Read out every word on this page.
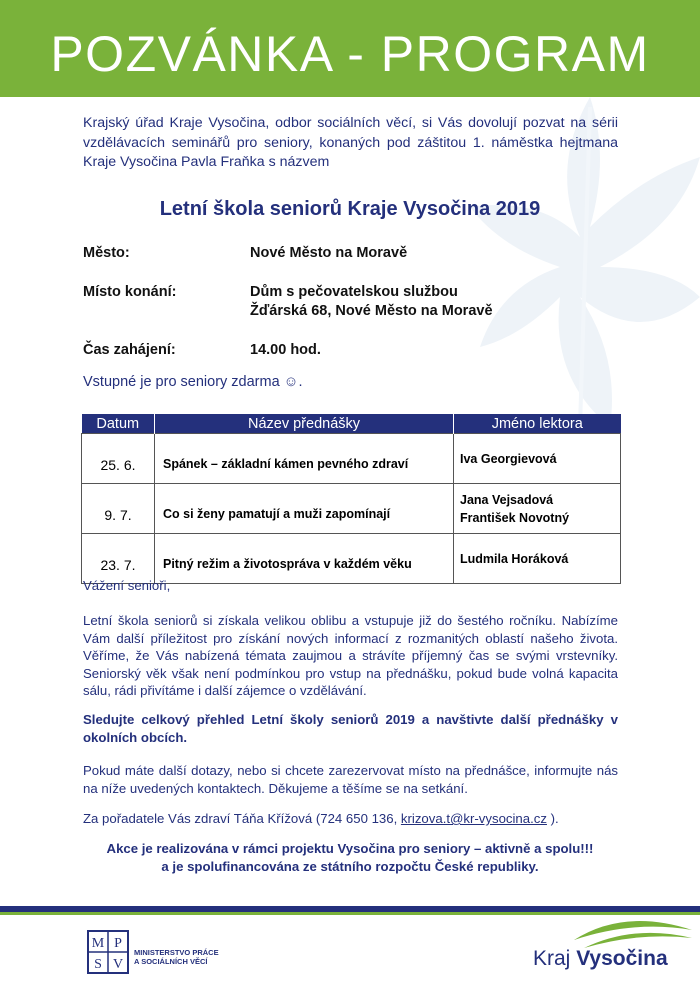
POZVÁNKA - PROGRAM
Krajský úřad Kraje Vysočina, odbor sociálních věcí, si Vás dovolují pozvat na sérii vzdělávacích seminářů pro seniory, konaných pod záštitou 1. náměstka hejtmana Kraje Vysočina Pavla Fraňka s názvem
Letní škola seniorů Kraje Vysočina 2019
Město:	Nové Město na Moravě
Místo konání:	Dům s pečovatelskou službou
Žďárská 68, Nové Město na Moravě
Čas zahájení:	14.00 hod.
Vstupné je pro seniory zdarma ☺.
Datum	Název přednášky	Jméno lektora
25. 6.	Spánek – základní kámen pevného zdraví	Iva Georgievová

9. 7.	Co si ženy pamatují a muži zapomínají	Jana Vejsadová
František Novotný

23. 7.	Pitný režim a životospráva v každém věku	Ludmila Horáková

Vážení senioři,

Letní škola seniorů si získala velikou oblibu a vstupuje již do šestého ročníku. Nabízíme Vám další příležitost pro získání nových informací z rozmanitých oblastí našeho života. Věříme, že Vás nabízená témata zaujmou a strávíte příjemný čas se svými vrstevníky. Seniorský věk však není podmínkou pro vstup na přednášku, pokud bude volná kapacita sálu, rádi přivítáme i další zájemce o vzdělávání.

Sledujte celkový přehled Letní školy seniorů 2019 a navštivte další přednášky v okolních obcích.

Pokud máte další dotazy, nebo si chcete zarezervovat místo na přednášce, informujte nás na níže uvedených kontaktech. Děkujeme a těšíme se na setkání.

Za pořadatele Vás zdraví Táňa Křížová (724 650 136, krizova.t@kr-vysocina.cz ).

Akce je realizována v rámci projektu Vysočina pro seniory – aktivně a spolu!!!
a je spolufinancována ze státního rozpočtu České republiky.
M P
S V
MINISTERSTVO PRÁCE
A SOCIÁLNÍCH VĚCÍ	Kraj Vysočina
